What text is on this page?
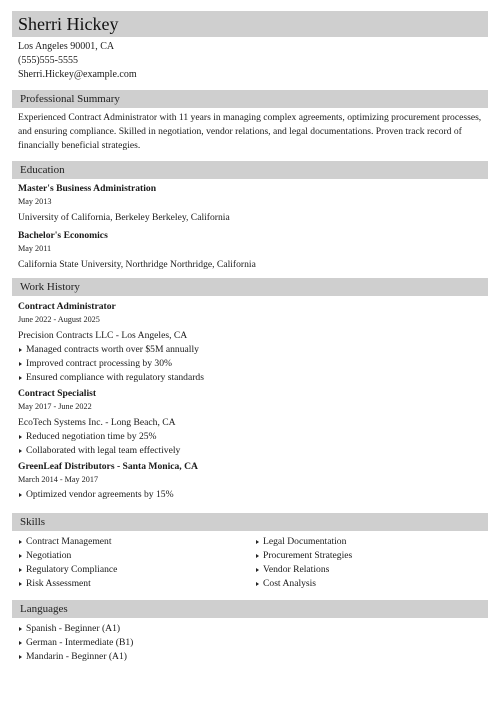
Sherri Hickey
Los Angeles 90001, CA
(555)555-5555
Sherri.Hickey@example.com
Professional Summary
Experienced Contract Administrator with 11 years in managing complex agreements, optimizing procurement processes, and ensuring compliance. Skilled in negotiation, vendor relations, and legal documentations. Proven track record of financially beneficial strategies.
Education
Master's Business Administration
May 2013
University of California, Berkeley Berkeley, California
Bachelor's Economics
May 2011
California State University, Northridge Northridge, California
Work History
Contract Administrator
June 2022 - August 2025
Precision Contracts LLC - Los Angeles, CA
Managed contracts worth over $5M annually
Improved contract processing by 30%
Ensured compliance with regulatory standards
Contract Specialist
May 2017 - June 2022
EcoTech Systems Inc. - Long Beach, CA
Reduced negotiation time by 25%
Collaborated with legal team effectively
GreenLeaf Distributors - Santa Monica, CA
March 2014 - May 2017
Optimized vendor agreements by 15%
Skills
Contract Management
Negotiation
Regulatory Compliance
Risk Assessment
Legal Documentation
Procurement Strategies
Vendor Relations
Cost Analysis
Languages
Spanish - Beginner (A1)
German - Intermediate (B1)
Mandarin - Beginner (A1)
